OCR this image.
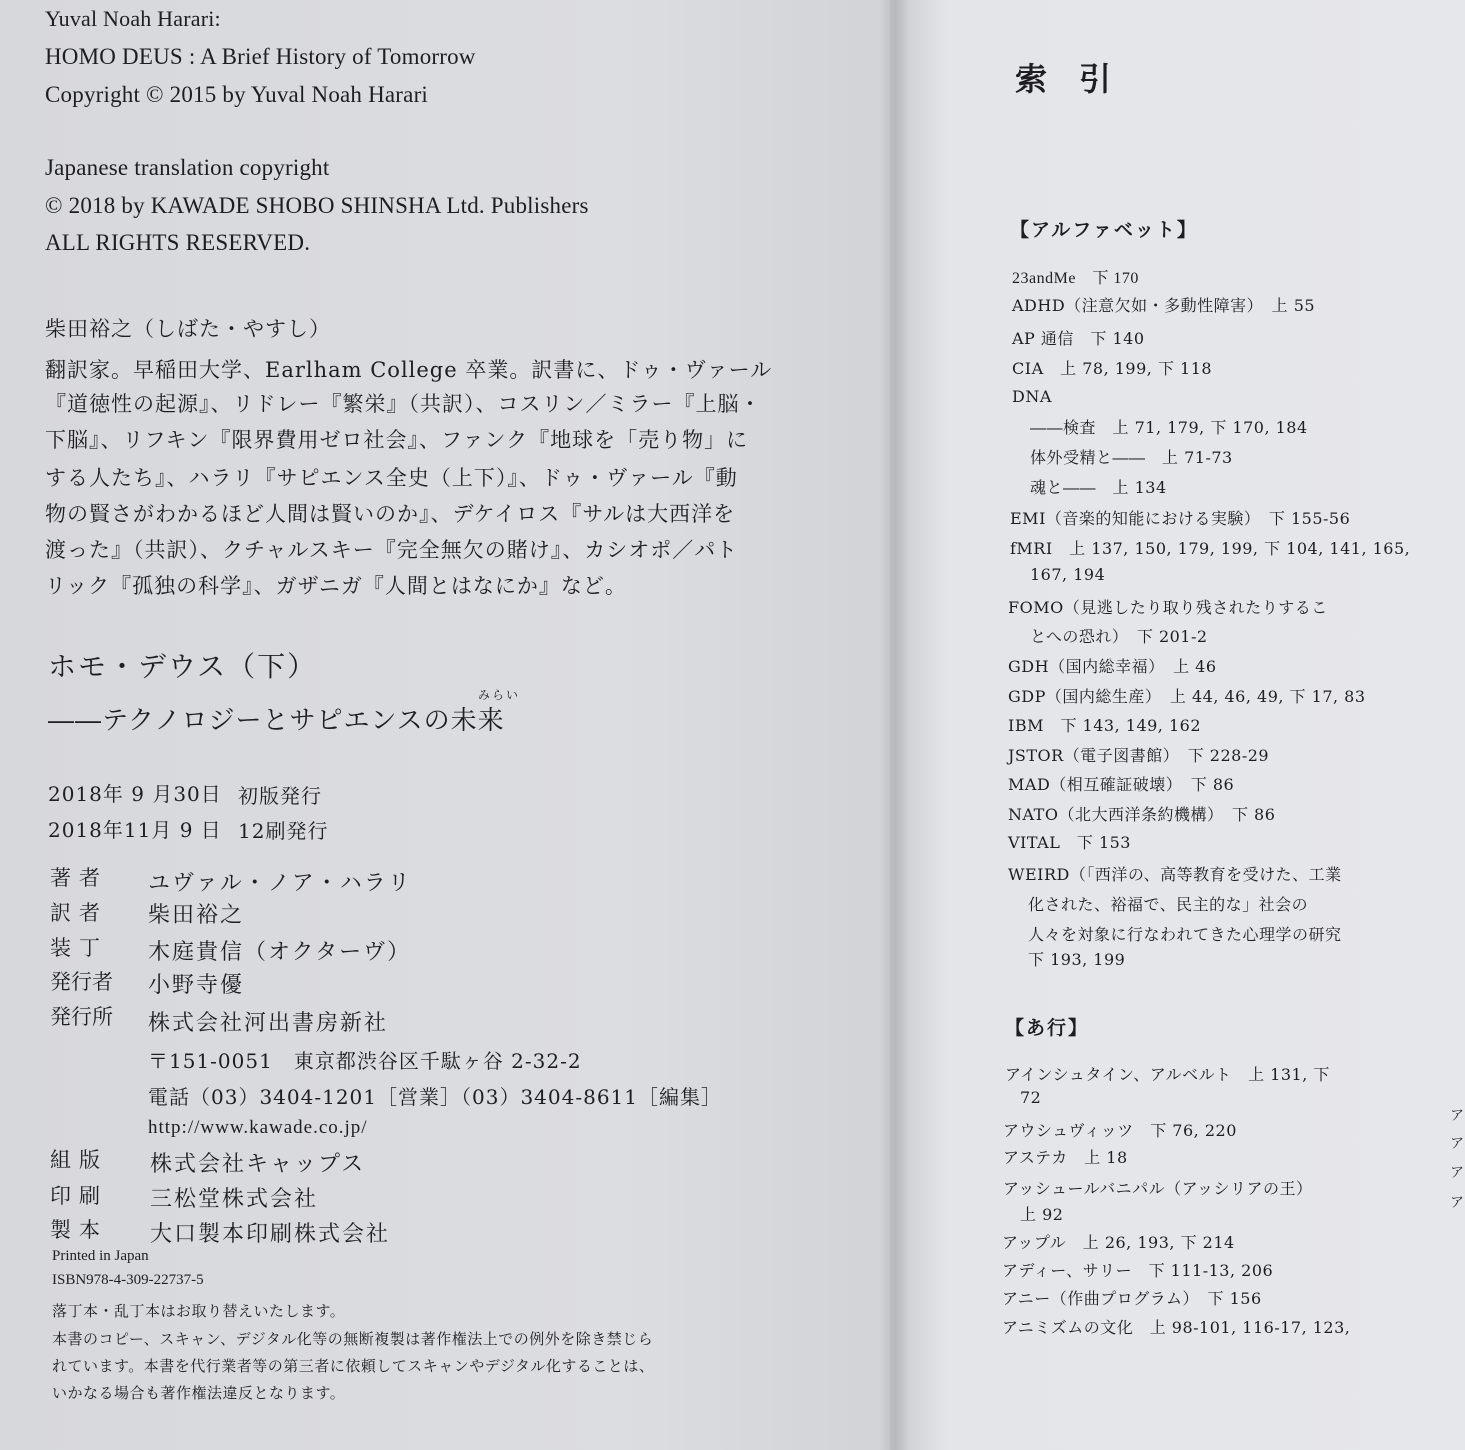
Yuval Noah Harari:
HOMO DEUS : A Brief History of Tomorrow
Copyright © 2015 by Yuval Noah Harari
Japanese translation copyright
© 2018 by KAWADE SHOBO SHINSHA Ltd. Publishers
ALL RIGHTS RESERVED.
柴田裕之（しばた・やすし）
翻訳家。早稲田大学、Earlham College 卒業。訳書に、ドゥ・ヴァール
『道徳性の起源』、リドレー『繁栄』（共訳）、コスリン／ミラー『上脳・
下脳』、リフキン『限界費用ゼロ社会』、ファンク『地球を「売り物」に
する人たち』、ハラリ『サピエンス全史（上下）』、ドゥ・ヴァール『動
物の賢さがわかるほど人間は賢いのか』、デケイロス『サルは大西洋を
渡った』（共訳）、クチャルスキー『完全無欠の賭け』、カシオポ／パト
リック『孤独の科学』、ガザニガ『人間とはなにか』など。
ホモ・デウス（下）
みらい
――テクノロジーとサピエンスの未来
2018年 9 月30日 初版発行
2018年11月 9 日 12刷発行
著者 ユヴァル・ノア・ハラリ
訳者 柴田裕之
装丁 木庭貴信（オクターヴ）
発行者 小野寺優
発行所 株式会社河出書房新社
〒151-0051　東京都渋谷区千駄ヶ谷 2-32-2
電話（03）3404-1201［営業］（03）3404-8611［編集］
http://www.kawade.co.jp/
組版 株式会社キャップス
印刷 三松堂株式会社
製本 大口製本印刷株式会社
Printed in Japan
ISBN978-4-309-22737-5
落丁本・乱丁本はお取り替えいたします。
本書のコピー、スキャン、デジタル化等の無断複製は著作権法上での例外を除き禁じら
れています。本書を代行業者等の第三者に依頼してスキャンやデジタル化することは、
いかなる場合も著作権法違反となります。
索引
【アルファベット】
23andMe　下 170
ADHD（注意欠如・多動性障害）　上 55
AP 通信　下 140
CIA　上 78, 199, 下 118
DNA
――検査　上 71, 179, 下 170, 184
体外受精と――　上 71-73
魂と――　上 134
EMI（音楽的知能における実験）　下 155-56
fMRI　上 137, 150, 179, 199, 下 104, 141, 165,
167, 194
FOMO（見逃したり取り残されたりするこ
とへの恐れ）　下 201-2
GDH（国内総幸福）　上 46
GDP（国内総生産）　上 44, 46, 49, 下 17, 83
IBM　下 143, 149, 162
JSTOR（電子図書館）　下 228-29
MAD（相互確証破壊）　下 86
NATO（北大西洋条約機構）　下 86
VITAL　下 153
WEIRD（「西洋の、高等教育を受けた、工業
化された、裕福で、民主的な」社会の
人々を対象に行なわれてきた心理学の研究
下 193, 199
【あ行】
アインシュタイン、アルベルト　上 131, 下
72
アウシュヴィッツ　下 76, 220
アステカ　上 18
アッシュールバニパル（アッシリアの王）
上 92
アップル　上 26, 193, 下 214
アディー、サリー　下 111-13, 206
アニー（作曲プログラム）　下 156
アニミズムの文化　上 98-101, 116-17, 123,
ア
ア
ア
ア
